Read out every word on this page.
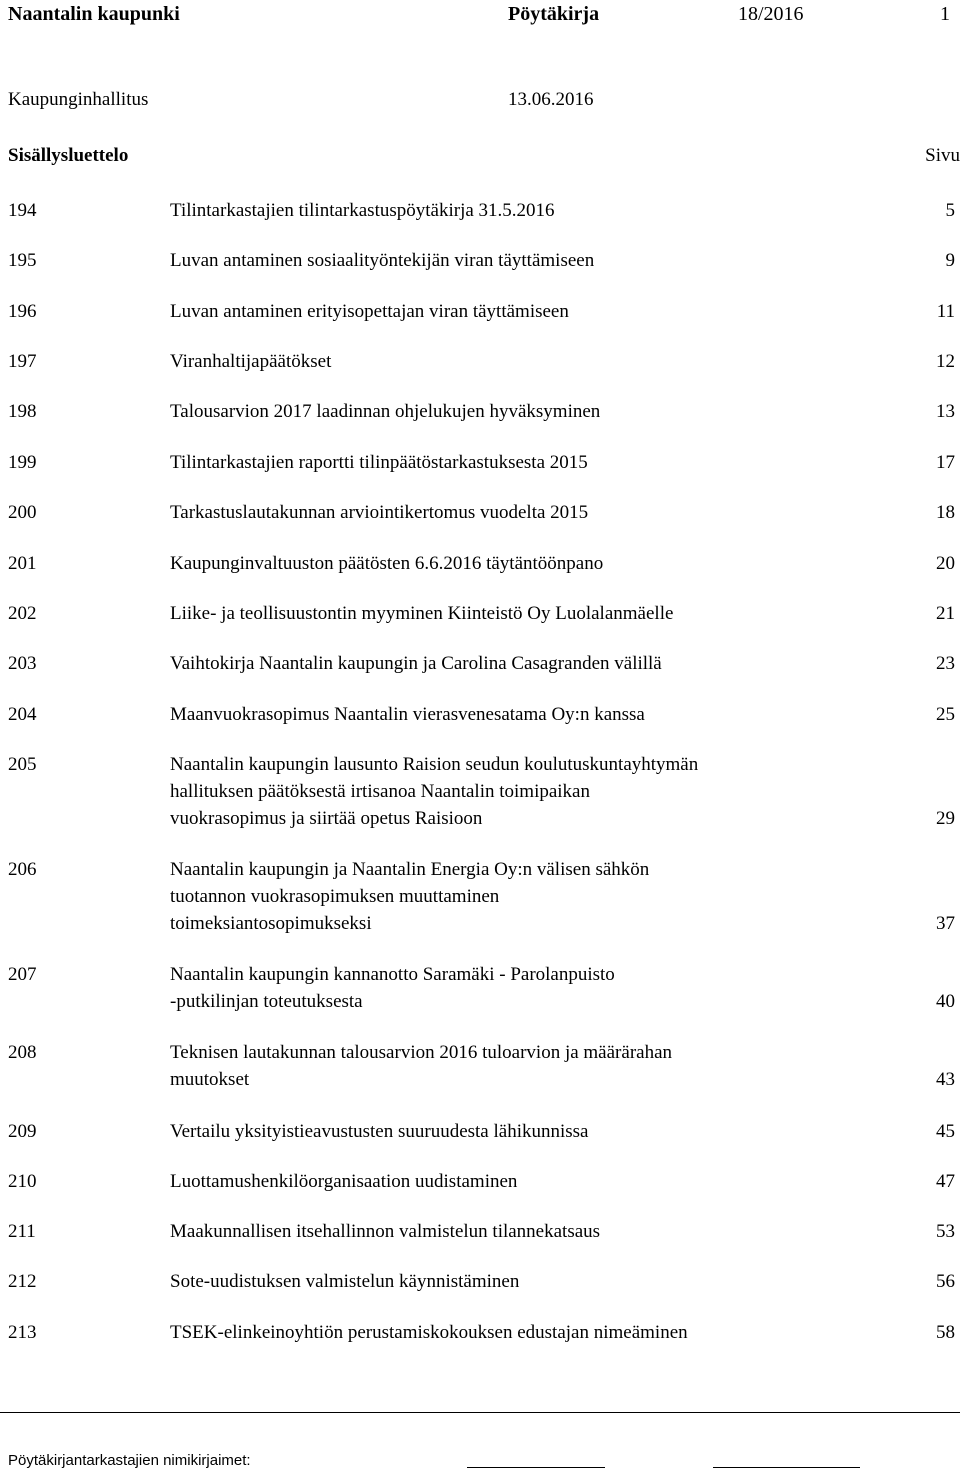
Naantalin kaupunki	Pöytäkirja	18/2016	1
Kaupunginhallitus	13.06.2016
Sisällysluettelo	Sivu
194	Tilintarkastajien tilintarkastuspöytäkirja 31.5.2016	5
195	Luvan antaminen sosiaalityöntekijän viran täyttämiseen	9
196	Luvan antaminen erityisopettajan viran täyttämiseen	11
197	Viranhaltijapäätökset	12
198	Talousarvion 2017 laadinnan ohjelukujen hyväksyminen	13
199	Tilintarkastajien raportti tilinpäätöstarkastuksesta 2015	17
200	Tarkastuslautakunnan arviointikertomus vuodelta 2015	18
201	Kaupunginvaltuuston päätösten 6.6.2016 täytäntöönpano	20
202	Liike- ja teollisuustontin myyminen Kiinteistö Oy Luolalanmäelle	21
203	Vaihtokirja Naantalin kaupungin ja Carolina Casagranden välillä	23
204	Maanvuokrasopimus Naantalin vierasvenesatama Oy:n kanssa	25
205	Naantalin kaupungin lausunto Raision seudun koulutuskuntayhtymän
hallituksen päätöksestä irtisanoa Naantalin toimipaikan
vuokrasopimus ja siirtää opetus Raisioon	29
206	Naantalin kaupungin ja Naantalin Energia Oy:n välisen sähkön
tuotannon vuokrasopimuksen muuttaminen
toimeksiantosopimukseksi	37
207	Naantalin kaupungin kannanotto Saramäki - Parolanpuisto
-putkilinjan toteutuksesta	40
208	Teknisen lautakunnan talousarvion 2016 tuloarvion ja määrärahan
muutokset	43
209	Vertailu yksityistieavustusten suuruudesta lähikunnissa	45
210	Luottamushenkilöorganisaation uudistaminen	47
211	Maakunnallisen itsehallinnon valmistelun tilannekatsaus	53
212	Sote-uudistuksen valmistelun käynnistäminen	56
213	TSEK-elinkeinoyhtiön perustamiskokouksen edustajan nimeäminen	58
Pöytäkirjantarkastajien nimikirjaimet:
